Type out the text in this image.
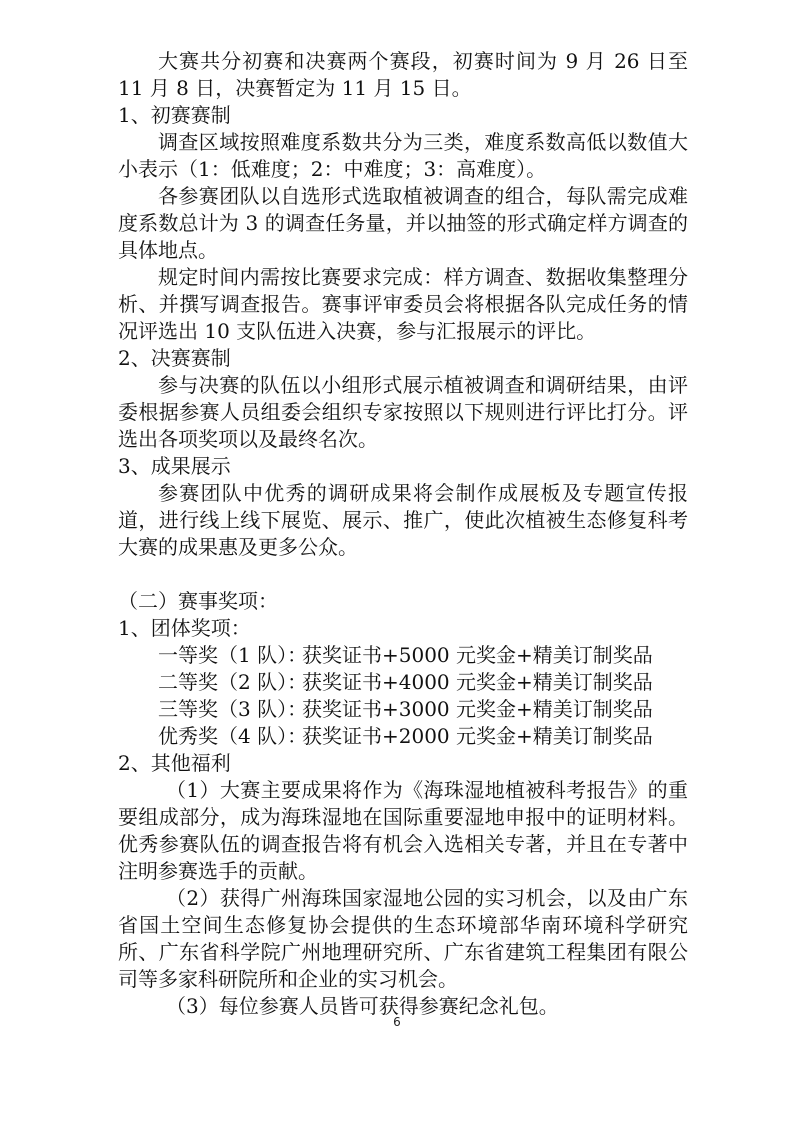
大赛共分初赛和决赛两个赛段，初赛时间为 9 月 26 日至 11 月 8 日，决赛暂定为 11 月 15 日。

1、初赛赛制

调查区域按照难度系数共分为三类，难度系数高低以数值大小表示（1：低难度；2：中难度；3：高难度）。

各参赛团队以自选形式选取植被调查的组合，每队需完成难度系数总计为 3 的调查任务量，并以抽签的形式确定样方调查的具体地点。

规定时间内需按比赛要求完成：样方调查、数据收集整理分析、并撰写调查报告。赛事评审委员会将根据各队完成任务的情况评选出 10 支队伍进入决赛，参与汇报展示的评比。

2、决赛赛制

参与决赛的队伍以小组形式展示植被调查和调研结果，由评委根据参赛人员组委会组织专家按照以下规则进行评比打分。评选出各项奖项以及最终名次。

3、成果展示

参赛团队中优秀的调研成果将会制作成展板及专题宣传报道，进行线上线下展览、展示、推广，使此次植被生态修复科考大赛的成果惠及更多公众。

（二）赛事奖项：

1、团体奖项：

一等奖（1 队）：
获奖证书+5000 元奖金+精美订制奖品
二等奖（2 队）：
获奖证书+4000 元奖金+精美订制奖品
三等奖（3 队）：
获奖证书+3000 元奖金+精美订制奖品
优秀奖（4 队）：
获奖证书+2000 元奖金+精美订制奖品

2、其他福利

（1）大赛主要成果将作为《海珠湿地植被科考报告》的重要组成部分，成为海珠湿地在国际重要湿地申报中的证明材料。优秀参赛队伍的调查报告将有机会入选相关专著，并且在专著中注明参赛选手的贡献。

（2）获得广州海珠国家湿地公园的实习机会，以及由广东省国土空间生态修复协会提供的生态环境部华南环境科学研究所、广东省科学院广州地理研究所、广东省建筑工程集团有限公司等多家科研院所和企业的实习机会。

（3）每位参赛人员皆可获得参赛纪念礼包。

6
